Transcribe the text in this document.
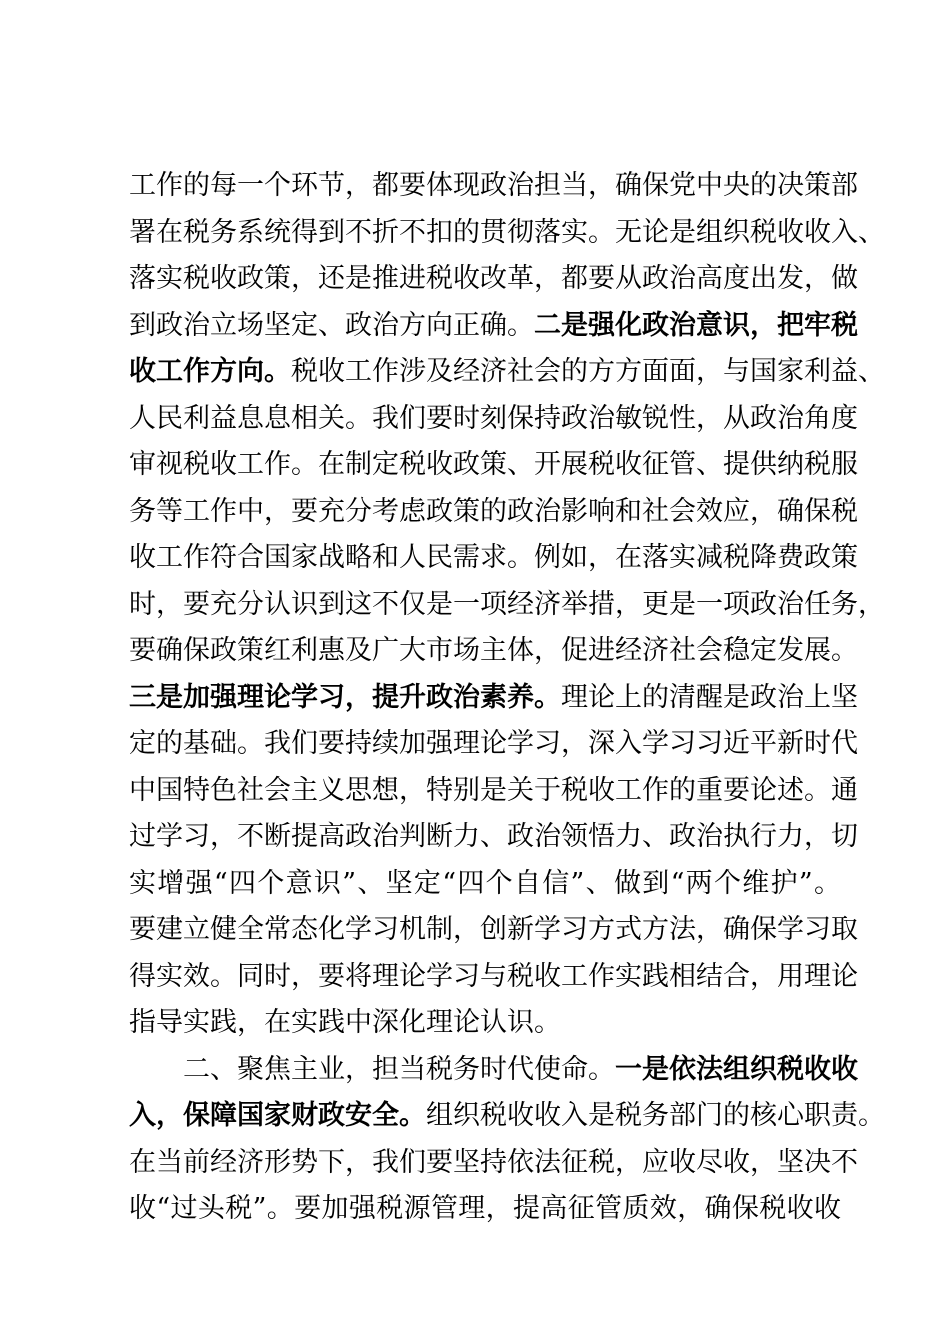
工作的每一个环节，都要体现政治担当，确保党中央的决策部
署在税务系统得到不折不扣的贯彻落实。无论是组织税收收入、
落实税收政策，还是推进税收改革，都要从政治高度出发，做
到政治立场坚定、政治方向正确。二是强化政治意识，把牢税
收工作方向。税收工作涉及经济社会的方方面面，与国家利益、
人民利益息息相关。我们要时刻保持政治敏锐性，从政治角度
审视税收工作。在制定税收政策、开展税收征管、提供纳税服
务等工作中，要充分考虑政策的政治影响和社会效应，确保税
收工作符合国家战略和人民需求。例如，在落实减税降费政策
时，要充分认识到这不仅是一项经济举措，更是一项政治任务，
要确保政策红利惠及广大市场主体，促进经济社会稳定发展。
三是加强理论学习，提升政治素养。理论上的清醒是政治上坚
定的基础。我们要持续加强理论学习，深入学习习近平新时代
中国特色社会主义思想，特别是关于税收工作的重要论述。通
过学习，不断提高政治判断力、政治领悟力、政治执行力，切
实增强“四个意识”、坚定“四个自信”、做到“两个维护”。
要建立健全常态化学习机制，创新学习方式方法，确保学习取
得实效。同时，要将理论学习与税收工作实践相结合，用理论
指导实践，在实践中深化理论认识。
二、聚焦主业，担当税务时代使命。一是依法组织税收收
入，保障国家财政安全。组织税收收入是税务部门的核心职责。
在当前经济形势下，我们要坚持依法征税，应收尽收，坚决不
收“过头税”。要加强税源管理，提高征管质效，确保税收收
